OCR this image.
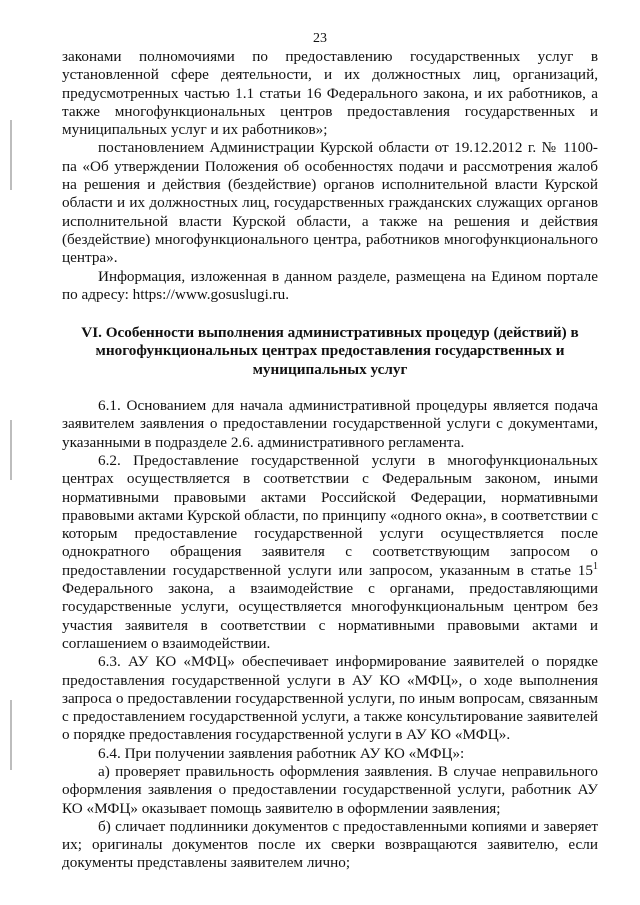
23

законами полномочиями по предоставлению государственных услуг в установленной сфере деятельности, и их должностных лиц, организаций, предусмотренных частью 1.1 статьи 16 Федерального закона, и их работников, а также многофункциональных центров предоставления государственных и муниципальных услуг и их работников»;

постановлением Администрации Курской области от 19.12.2012 г. № 1100-па «Об утверждении Положения об особенностях подачи и рассмотрения жалоб на решения и действия (бездействие) органов исполнительной власти Курской области и их должностных лиц, государственных гражданских служащих органов исполнительной власти Курской области, а также на решения и действия (бездействие) многофункционального центра, работников многофункционального центра».

Информация, изложенная в данном разделе, размещена на Едином портале по адресу: https://www.gosuslugi.ru.

VI. Особенности выполнения административных процедур (действий) в многофункциональных центрах предоставления государственных и муниципальных услуг

6.1. Основанием для начала административной процедуры является подача заявителем заявления о предоставлении государственной услуги с документами, указанными в подразделе 2.6. административного регламента.

6.2. Предоставление государственной услуги в многофункциональных центрах осуществляется в соответствии с Федеральным законом, иными нормативными правовыми актами Российской Федерации, нормативными правовыми актами Курской области, по принципу «одного окна», в соответствии с которым предоставление государственной услуги осуществляется после однократного обращения заявителя с соответствующим запросом о предоставлении государственной услуги или запросом, указанным в статье $15^1$ Федерального закона, а взаимодействие с органами, предоставляющими государственные услуги, осуществляется многофункциональным центром без участия заявителя в соответствии с нормативными правовыми актами и соглашением о взаимодействии.

6.3. АУ КО «МФЦ» обеспечивает информирование заявителей о порядке предоставления государственной услуги в АУ КО «МФЦ», о ходе выполнения запроса о предоставлении государственной услуги, по иным вопросам, связанным с предоставлением государственной услуги, а также консультирование заявителей о порядке предоставления государственной услуги в АУ КО «МФЦ».

6.4. При получении заявления работник АУ КО «МФЦ»:

а) проверяет правильность оформления заявления. В случае неправильного оформления заявления о предоставлении государственной услуги, работник АУ КО «МФЦ» оказывает помощь заявителю в оформлении заявления;

б) сличает подлинники документов с предоставленными копиями и заверяет их; оригиналы документов после их сверки возвращаются заявителю, если документы представлены заявителем лично;
